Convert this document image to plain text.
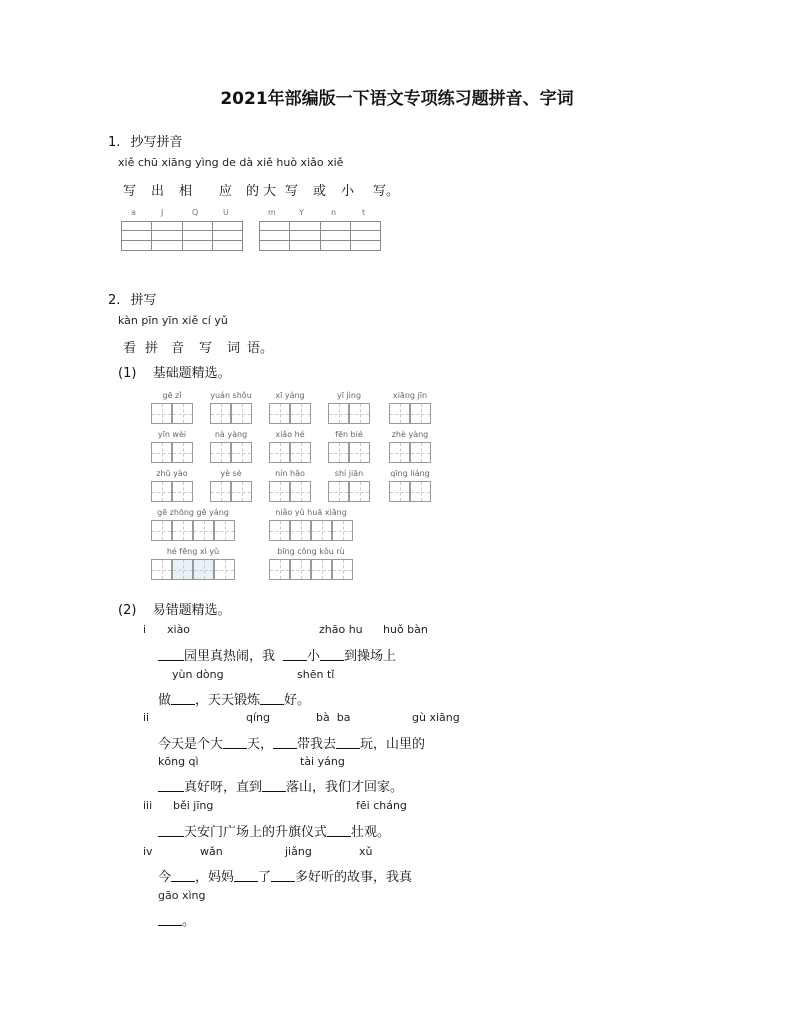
2021年部编版一下语文专项练习题拼音、字词
1. 抄写拼音
xiě chū xiāng yìng de dà xiě huò xiǎo xiě
写 出 相 应 的 大 写 或 小 写。
a	J	Q	U	m	Y	n	t
2. 拼写
kàn pīn yīn xiě cí yǔ
看 拼 音 写 词 语。
(1) 基础题精选。
gē zǐ	yuán shǒu	xī yáng	yī jìng	xiāng jīn
yīn wèi	nà yàng	xiǎo hé	fēn bié	zhè yàng
zhū yào	yè sè	nín hǎo	shí jiān	qīng liáng
gē zhōng gē yáng	niǎo yǔ huā xiāng
hé fēng xì yǔ	bīng cōng kǒu rù
(2) 易错题精选。
i xiào	zhāo hu huǒ bàn
园里真热闹，我 小 到操场上
yùn dòng	shēn tǐ
做 ，天天锻炼 好。
ii	qíng	bà  ba	gù xiāng
今天是个大 天， 带我去 玩，山里的
kōng qì	tài yáng
真好呀，直到 落山，我们才回家。
iii běi jīng	fēi cháng
天安门广场上的升旗仪式 壮观。
iv	wǎn	jiǎng	xǔ
今 ，妈妈 了 多好听的故事，我真
gāo xìng
。
